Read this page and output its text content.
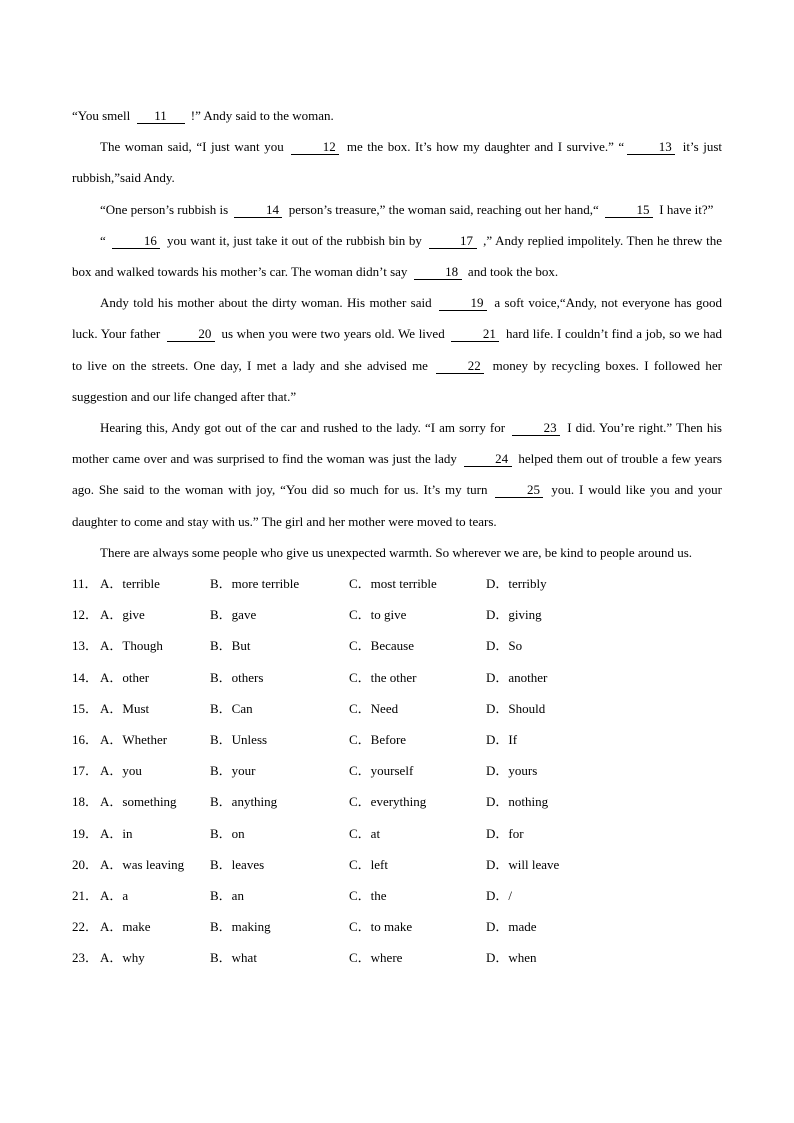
“You smell 11 !” Andy said to the woman.

The woman said, “I just want you	12 me the box. It’s how my daughter and I survive.” “	13 it’s just rubbish,”said Andy.

“One person’s rubbish is	14 person’s treasure,” the woman said, reaching out her hand,“	15 I have it?”

“	16 you want it, just take it out of the rubbish bin by	17 ,” Andy replied impolitely. Then he threw the box and walked towards his mother’s car. The woman didn’t say	18 and took the box.

Andy told his mother about the dirty woman. His mother said	19 a soft voice,“Andy, not everyone has good luck. Your father	20 us when you were two years old. We lived	21 hard life. I couldn’t find a job, so we had to live on the streets. One day, I met a lady and she advised me	22 money by recycling boxes. I followed her suggestion and our life changed after that.”

Hearing this, Andy got out of the car and rushed to the lady. “I am sorry for	23 I did. You’re right.” Then his mother came over and was surprised to find the woman was just the lady	24 helped them out of trouble a few years ago. She said to the woman with joy, “You did so much for us. It’s my turn	25 you. I would like you and your daughter to come and stay with us.” The girl and her mother were moved to tears.

There are always some people who give us unexpected warmth. So wherever we are, be kind to people around us.

11． A．terrible	B．more terrible	C．most terrible	D．terribly
12． A．give	B．gave	C．to give	D．giving
13． A．Though	B．But	C．Because	D．So
14． A．other	B．others	C．the other	D．another
15． A．Must	B．Can	C．Need	D．Should
16． A．Whether	B．Unless	C．Before	D．If
17． A．you	B．your	C．yourself	D．yours
18． A．something	B．anything	C．everything	D．nothing
19． A．in	B．on	C．at	D．for
20． A．was leaving B．leaves	C．left	D．will leave
21． A．a	B．an	C．the	D．/
22． A．make	B．making	C．to make	D．made
23． A．why	B．what	C．where	D．when
